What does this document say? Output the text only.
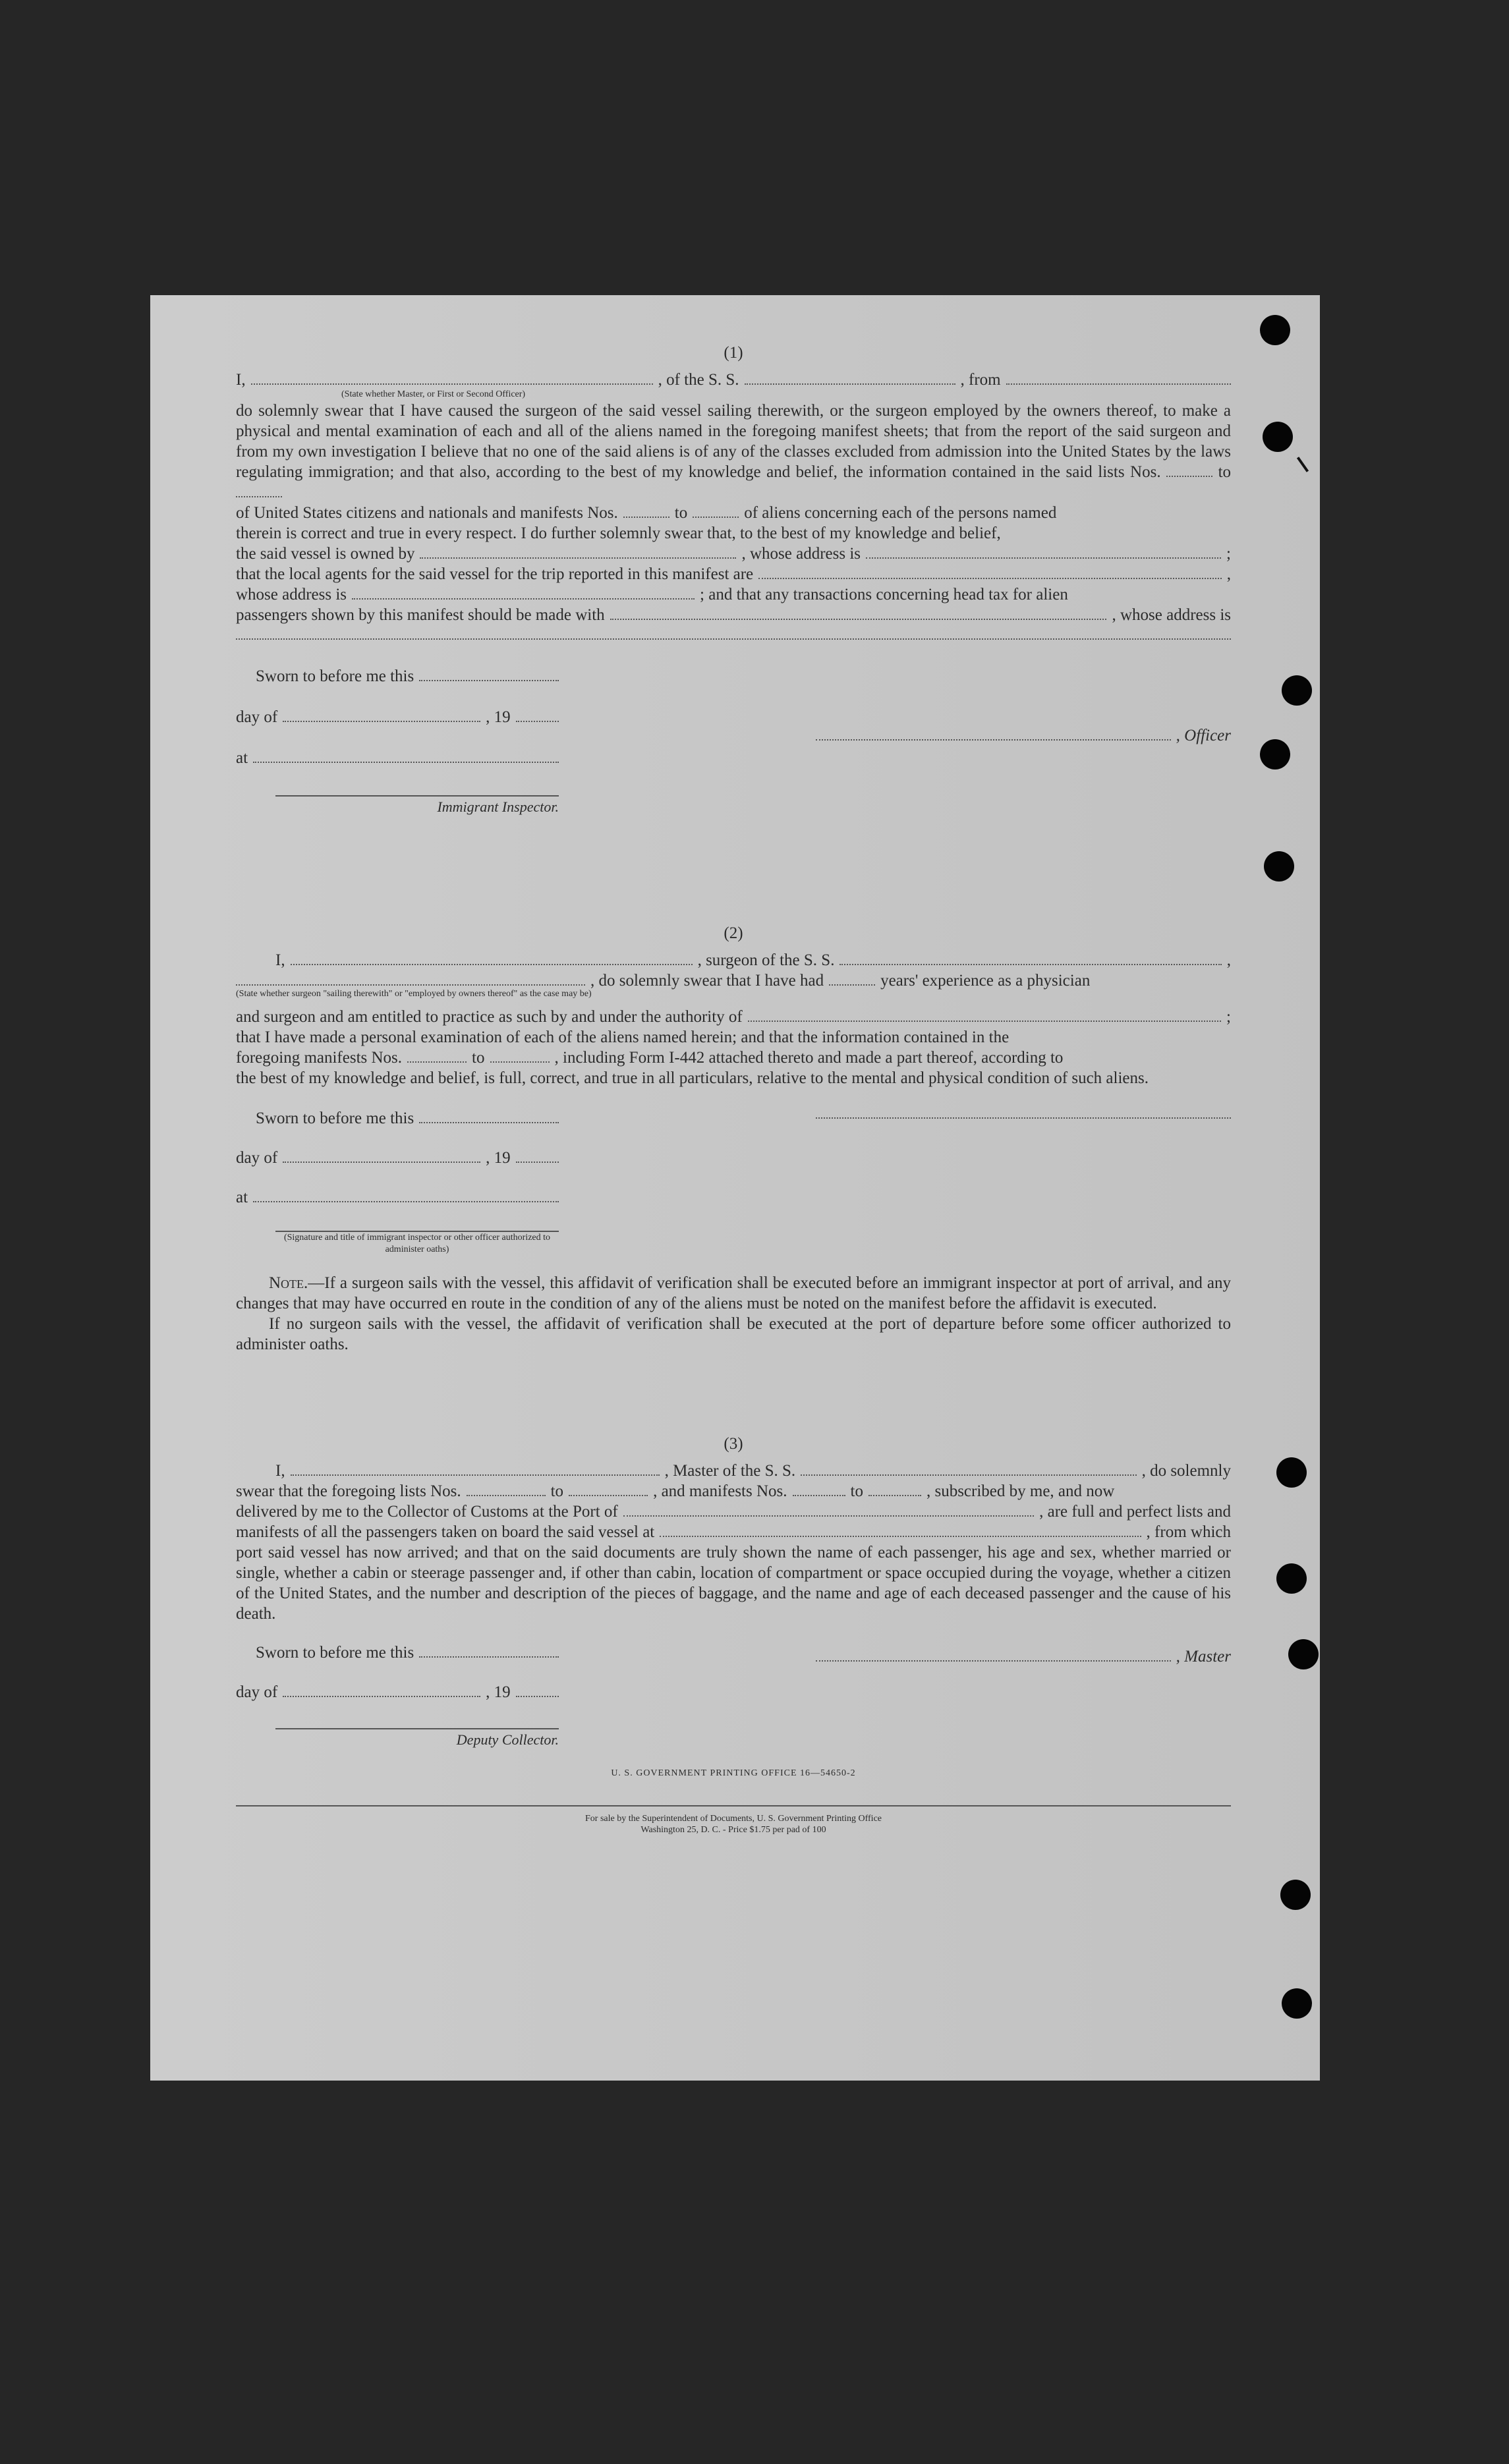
(1)
I,	, of the S. S.	, from
(State whether Master, or First or Second Officer)
do solemnly swear that I have caused the surgeon of the said vessel sailing therewith, or the surgeon employed by the owners thereof, to make a physical and mental examination of each and all of the aliens named in the foregoing manifest sheets; that from the report of the said surgeon and from my own investigation I believe that no one of the said aliens is of any of the classes excluded from admission into the United States by the laws regulating immigration; and that also, according to the best of my knowledge and belief, the information contained in the said lists Nos.	to
of United States citizens and nationals and manifests Nos.	to	of aliens concerning each of the persons named
therein is correct and true in every respect. I do further solemnly swear that, to the best of my knowledge and belief,
the said vessel is owned by	, whose address is	;
that the local agents for the said vessel for the trip reported in this manifest are	,
whose address is	; and that any transactions concerning head tax for alien
passengers shown by this manifest should be made with	, whose address is
Sworn to before me this
day of	, 19
at
, Officer
Immigrant Inspector.
(2)
I,	, surgeon of the S. S.	,
, do solemnly swear that I have had	years' experience as a physician
(State whether surgeon "sailing therewith" or "employed by owners thereof" as the case may be)
and surgeon and am entitled to practice as such by and under the authority of	;
that I have made a personal examination of each of the aliens named herein; and that the information contained in the
foregoing manifests Nos.	to	, including Form I-442 attached thereto and made a part thereof, according to
the best of my knowledge and belief, is full, correct, and true in all particulars, relative to the mental and physical condition of such aliens.
Sworn to before me this
day of	, 19
at
(Signature and title of immigrant inspector or other officer authorized to administer oaths)
Note.—If a surgeon sails with the vessel, this affidavit of verification shall be executed before an immigrant inspector at port of arrival, and any changes that may have occurred en route in the condition of any of the aliens must be noted on the manifest before the affidavit is executed.
If no surgeon sails with the vessel, the affidavit of verification shall be executed at the port of departure before some officer authorized to administer oaths.
(3)
I,	, Master of the S. S.	, do solemnly
swear that the foregoing lists Nos.	to	, and manifests Nos.	to	, subscribed by me, and now
delivered by me to the Collector of Customs at the Port of	, are full and perfect lists and
manifests of all the passengers taken on board the said vessel at	, from which
port said vessel has now arrived; and that on the said documents are truly shown the name of each passenger, his age and sex, whether married or single, whether a cabin or steerage passenger and, if other than cabin, location of compartment or space occupied during the voyage, whether a citizen of the United States, and the number and description of the pieces of baggage, and the name and age of each deceased passenger and the cause of his death.
Sworn to before me this	, Master
day of	, 19
Deputy Collector.
U. S. GOVERNMENT PRINTING OFFICE 16—54650-2
For sale by the Superintendent of Documents, U. S. Government Printing Office
Washington 25, D. C. - Price $1.75 per pad of 100
